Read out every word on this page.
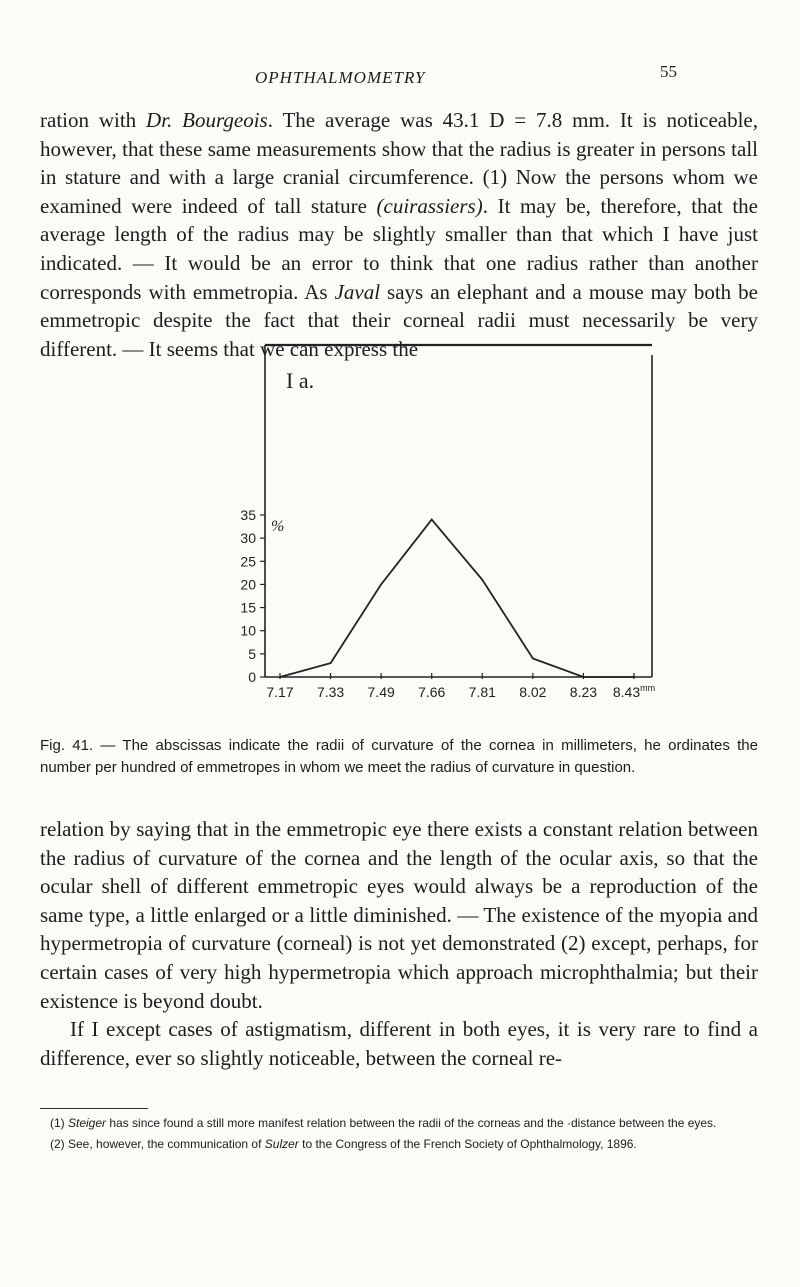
OPHTHALMOMETRY	55

ration with Dr. Bourgeois. The average was 43.1 D = 7.8 mm. It is noticeable, however, that these same measurements show that the radius is greater in persons tall in stature and with a large cranial circumference. (1) Now the persons whom we examined were indeed of tall stature (cuirassiers). It may be, therefore, that the average length of the radius may be slightly smaller than that which I have just indicated. — It would be an error to think that one radius rather than another corresponds with emmetropia. As Javal says an elephant and a mouse may both be emmetropic despite the fact that their corneal radii must necessarily be very different. — It seems that we can express the

I a.
%
0
5
10
15
20
25
30
35
7.17 7.33 7.49 7.66 7.81 8.02 8.23 $8.43^{mm}$

Fig. 41. — The abscissas indicate the radii of curvature of the cornea in millimeters, he ordinates the number per hundred of emmetropes in whom we meet the radius of curvature in question.

relation by saying that in the emmetropic eye there exists a constant relation between the radius of curvature of the cornea and the length of the ocular axis, so that the ocular shell of different emmetropic eyes would always be a reproduction of the same type, a little enlarged or a little diminished. — The existence of the myopia and hypermetropia of curvature (corneal) is not yet demonstrated (2) except, perhaps, for certain cases of very high hypermetropia which approach microphthalmia; but their existence is beyond doubt.

If I except cases of astigmatism, different in both eyes, it is very rare to find a difference, ever so slightly noticeable, between the corneal re-

(1) Steiger has since found a still more manifest relation between the radii of the corneas and the ·distance between the eyes.

(2) See, however, the communication of Sulzer to the Congress of the French Society of Ophthalmology, 1896.
